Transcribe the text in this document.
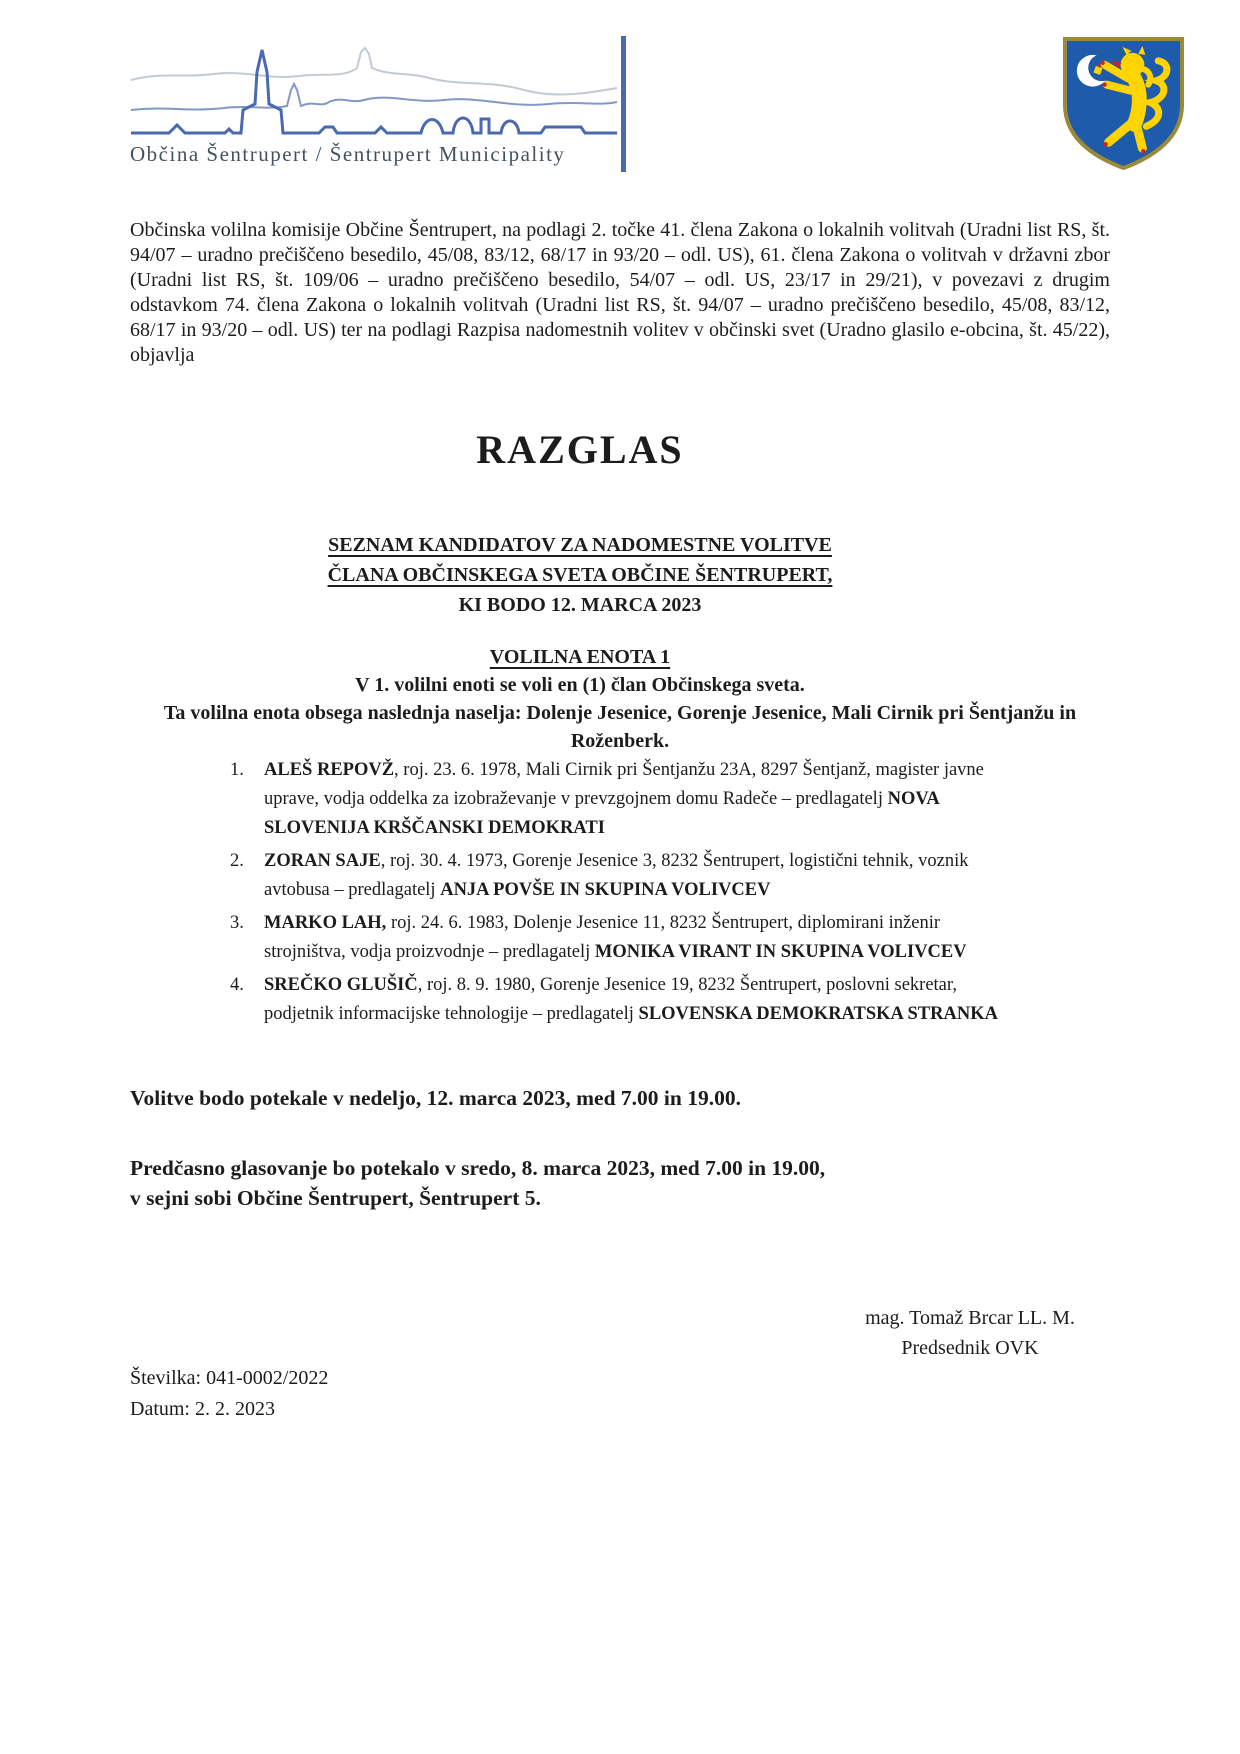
Občina Šentrupert / Šentrupert Municipality

Občinska volilna komisije Občine Šentrupert, na podlagi 2. točke 41. člena Zakona o lokalnih volitvah (Uradni list RS, št. 94/07 – uradno prečiščeno besedilo, 45/08, 83/12, 68/17 in 93/20 – odl. US), 61. člena Zakona o volitvah v državni zbor (Uradni list RS, št. 109/06 – uradno prečiščeno besedilo, 54/07 – odl. US, 23/17 in 29/21), v povezavi z drugim odstavkom 74. člena Zakona o lokalnih volitvah (Uradni list RS, št. 94/07 – uradno prečiščeno besedilo, 45/08, 83/12, 68/17 in 93/20 – odl. US) ter na podlagi Razpisa nadomestnih volitev v občinski svet (Uradno glasilo e-obcina, št. 45/22), objavlja

RAZGLAS
SEZNAM KANDIDATOV ZA NADOMESTNE VOLITVE
ČLANA OBČINSKEGA SVETA OBČINE ŠENTRUPERT,
KI BODO 12. MARCA 2023
VOLILNA ENOTA 1
V 1. volilni enoti se voli en (1) član Občinskega sveta.

Ta volilna enota obsega naslednja naselja: Dolenje Jesenice, Gorenje Jesenice, Mali Cirnik pri Šentjanžu in Roženberk.

1.	ALEŠ REPOVŽ, roj. 23. 6. 1978, Mali Cirnik pri Šentjanžu 23A, 8297 Šentjanž, magister javne uprave, vodja oddelka za izobraževanje v prevzgojnem domu Radeče – predlagatelj NOVA SLOVENIJA KRŠČANSKI DEMOKRATI
2.	ZORAN SAJE, roj. 30. 4. 1973, Gorenje Jesenice 3, 8232 Šentrupert, logistični tehnik, voznik avtobusa – predlagatelj ANJA POVŠE IN SKUPINA VOLIVCEV
3.	MARKO LAH, roj. 24. 6. 1983, Dolenje Jesenice 11, 8232 Šentrupert, diplomirani inženir strojništva, vodja proizvodnje – predlagatelj MONIKA VIRANT IN SKUPINA VOLIVCEV
4.	SREČKO GLUŠIČ, roj. 8. 9. 1980, Gorenje Jesenice 19, 8232 Šentrupert, poslovni sekretar, podjetnik informacijske tehnologije – predlagatelj SLOVENSKA DEMOKRATSKA STRANKA

Volitve bodo potekale v nedeljo, 12. marca 2023, med 7.00 in 19.00.

Predčasno glasovanje bo potekalo v sredo, 8. marca 2023, med 7.00 in 19.00,
v sejni sobi Občine Šentrupert, Šentrupert 5.

mag. Tomaž Brcar LL. M.
Predsednik OVK
Številka: 041-0002/2022
Datum: 2. 2. 2023
